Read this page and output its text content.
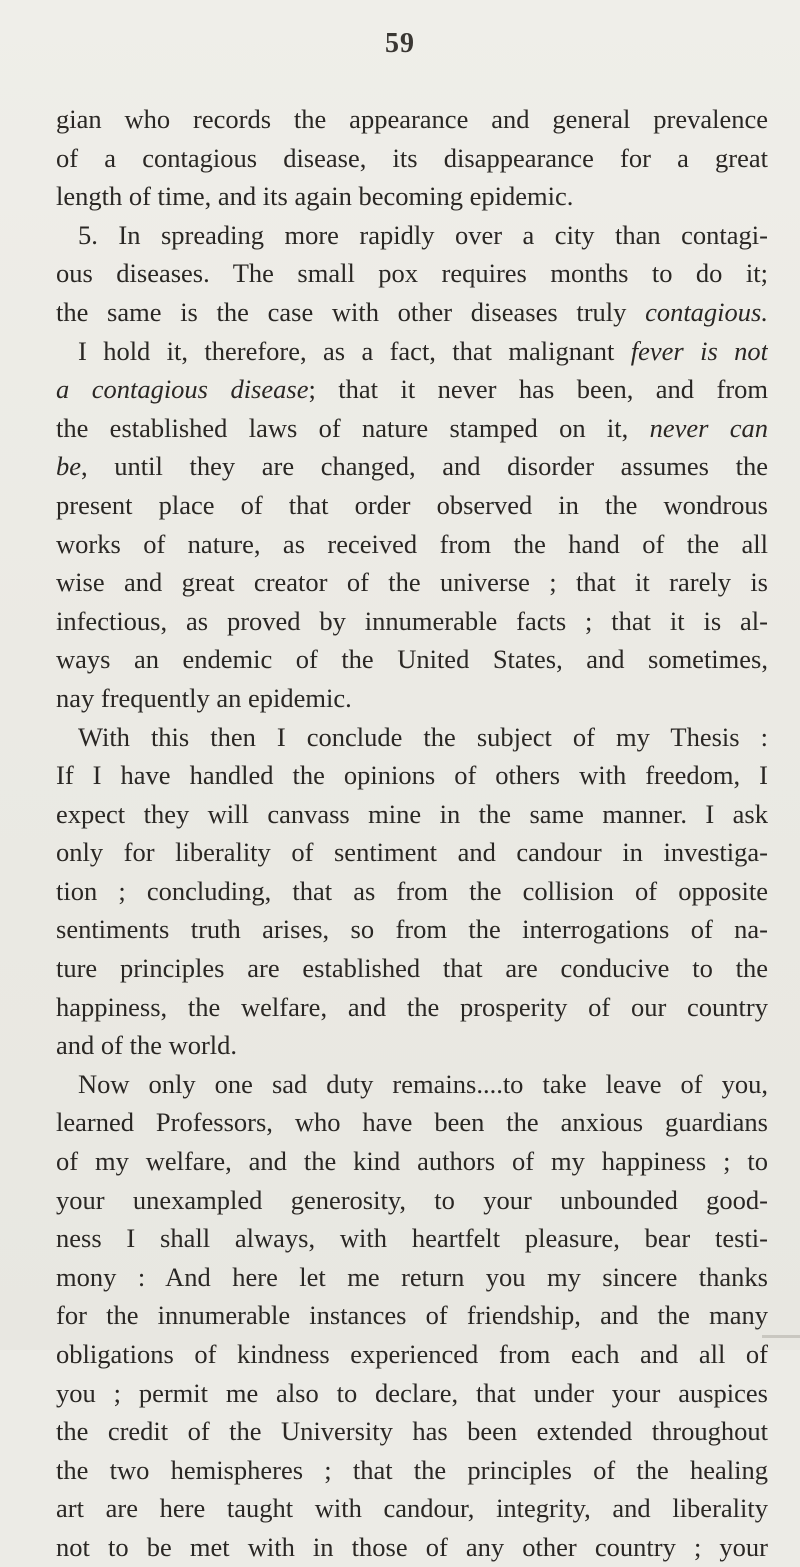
59
gian who records the appearance and general prevalence
of a contagious disease, its disappearance for a great
length of time, and its again becoming epidemic.
5. In spreading more rapidly over a city than contagi-
ous diseases. The small pox requires months to do it;
the same is the case with other diseases truly contagious.
I hold it, therefore, as a fact, that malignant fever is not
a contagious disease; that it never has been, and from
the established laws of nature stamped on it, never can
be, until they are changed, and disorder assumes the
present place of that order observed in the wondrous
works of nature, as received from the hand of the all
wise and great creator of the universe ; that it rarely is
infectious, as proved by innumerable facts ; that it is al-
ways an endemic of the United States, and sometimes,
nay frequently an epidemic.
With this then I conclude the subject of my Thesis :
If I have handled the opinions of others with freedom, I
expect they will canvass mine in the same manner. I ask
only for liberality of sentiment and candour in investiga-
tion ; concluding, that as from the collision of opposite
sentiments truth arises, so from the interrogations of na-
ture principles are established that are conducive to the
happiness, the welfare, and the prosperity of our country
and of the world.
Now only one sad duty remains....to take leave of you,
learned Professors, who have been the anxious guardians
of my welfare, and the kind authors of my happiness ; to
your unexampled generosity, to your unbounded good-
ness I shall always, with heartfelt pleasure, bear testi-
mony : And here let me return you my sincere thanks
for the innumerable instances of friendship, and the many
obligations of kindness experienced from each and all of
you ; permit me also to declare, that under your auspices
the credit of the University has been extended throughout
the two hemispheres ; that the principles of the healing
art are here taught with candour, integrity, and liberality
not to be met with in those of any other country ; your
